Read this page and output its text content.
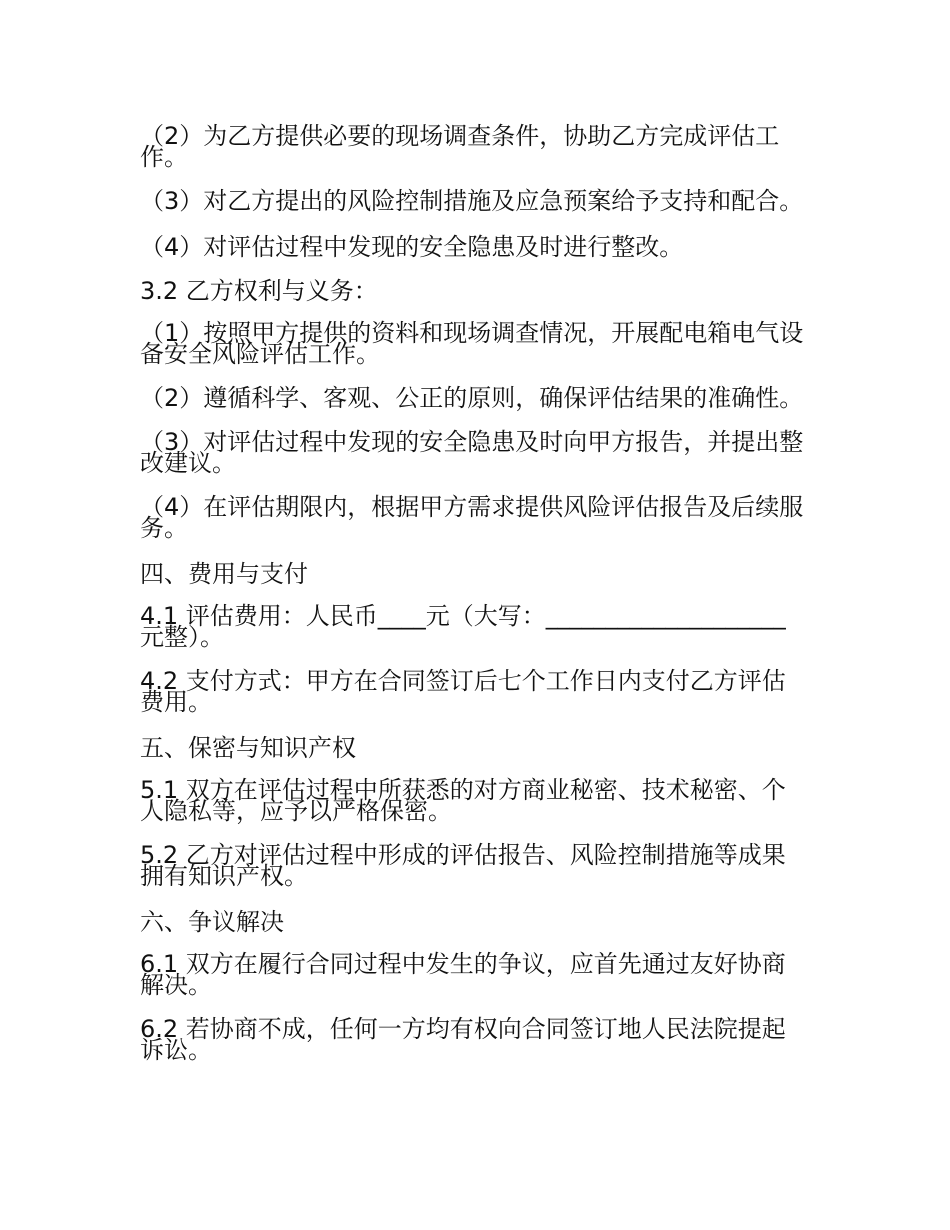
（2）为乙方提供必要的现场调查条件，协助乙方完成评估工作。

（3）对乙方提出的风险控制措施及应急预案给予支持和配合。

（4）对评估过程中发现的安全隐患及时进行整改。

3.2 乙方权利与义务：

（1）按照甲方提供的资料和现场调查情况，开展配电箱电气设备安全风险评估工作。

（2）遵循科学、客观、公正的原则，确保评估结果的准确性。

（3）对评估过程中发现的安全隐患及时向甲方报告，并提出整改建议。

（4）在评估期限内，根据甲方需求提供风险评估报告及后续服务。

四、费用与支付

4.1 评估费用：人民币____元（大写：____________________元整）。

4.2 支付方式：甲方在合同签订后七个工作日内支付乙方评估费用。

五、保密与知识产权

5.1 双方在评估过程中所获悉的对方商业秘密、技术秘密、个人隐私等，应予以严格保密。

5.2 乙方对评估过程中形成的评估报告、风险控制措施等成果拥有知识产权。

六、争议解决

6.1 双方在履行合同过程中发生的争议，应首先通过友好协商解决。

6.2 若协商不成，任何一方均有权向合同签订地人民法院提起诉讼。
